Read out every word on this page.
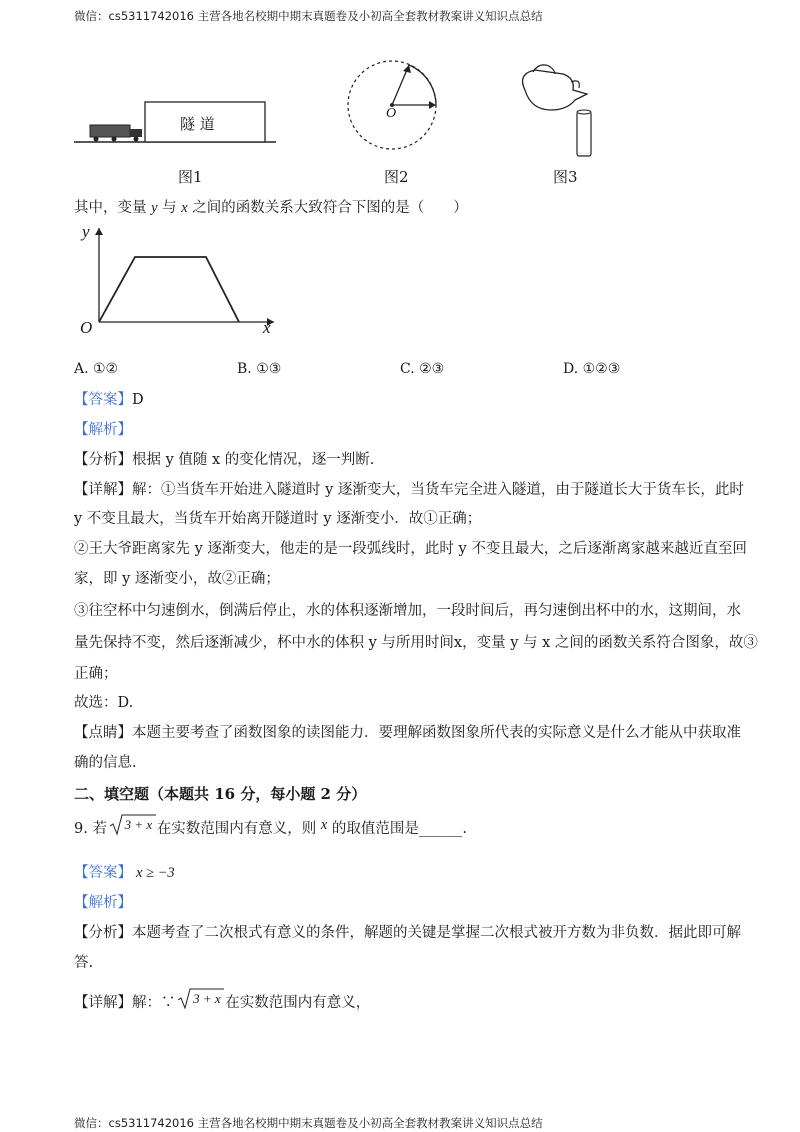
微信：cs5311742016 主营各地名校期中期末真题卷及小初高全套教材教案讲义知识点总结
隧 道
图1
O
图2	图3
其中，变量 y 与 x 之间的函数关系大致符合下图的是（　　）
y
x
O
A. ①②	B. ①③	C. ②③	D. ①②③
【答案】D
【解析】
【分析】根据 y 值随 x 的变化情况，逐一判断.
【详解】解：①当货车开始进入隧道时 y 逐渐变大，当货车完全进入隧道，由于隧道长大于货车长，此时
y 不变且最大，当货车开始离开隧道时 y 逐渐变小．故①正确；
②王大爷距离家先 y 逐渐变大，他走的是一段弧线时，此时 y 不变且最大，之后逐渐离家越来越近直至回
家，即 y 逐渐变小，故②正确；
③往空杯中匀速倒水，倒满后停止，水的体积逐渐增加，一段时间后，再匀速倒出杯中的水，这期间，水
量先保持不变，然后逐渐减少，杯中水的体积 y 与所用时间x，变量 y 与 x 之间的函数关系符合图象，故③
正确；
故选：D.
【点睛】本题主要考查了函数图象的读图能力．要理解函数图象所代表的实际意义是什么才能从中获取准
确的信息.
二、填空题（本题共 16 分，每小题 2 分）
9. 若 3 + x 在实数范围内有意义，则 x 的取值范围是______.
【答案】 x ≥ −3
【解析】
【分析】本题考查了二次根式有意义的条件，解题的关键是掌握二次根式被开方数为非负数．据此即可解
答.
【详解】解：∵ 3 + x 在实数范围内有意义，
微信：cs5311742016 主营各地名校期中期末真题卷及小初高全套教材教案讲义知识点总结
